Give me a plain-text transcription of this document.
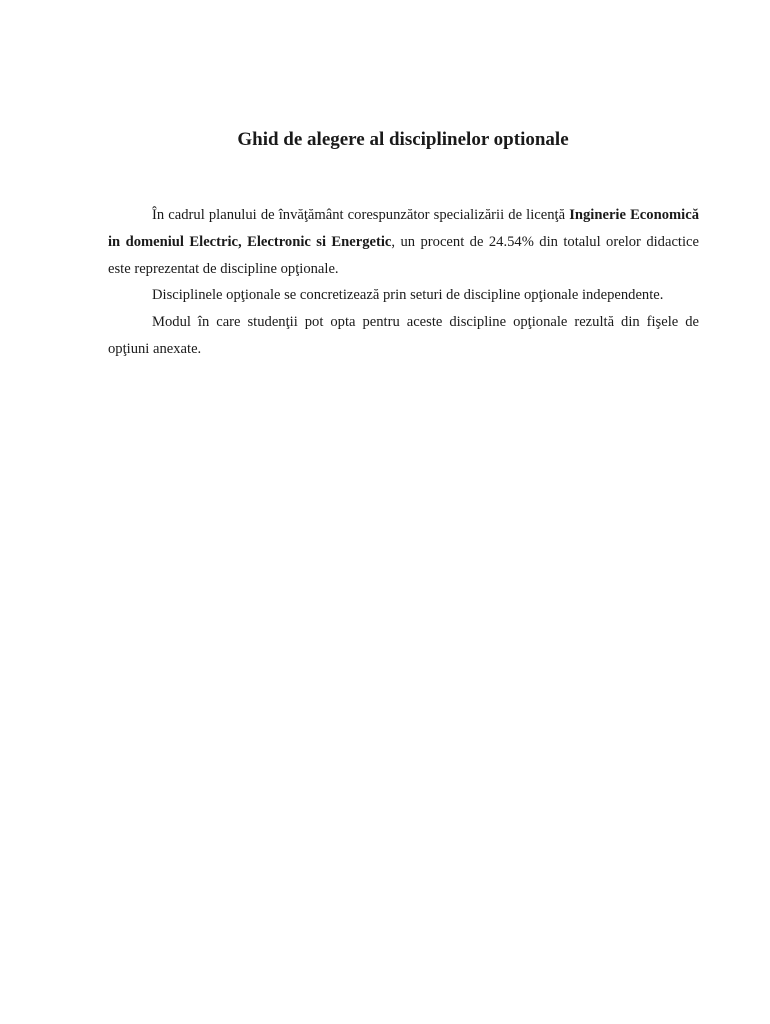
Ghid de alegere al disciplinelor optionale

În cadrul planului de învăţământ corespunzător specializării de licenţă Inginerie Economică in domeniul Electric, Electronic si Energetic, un procent de 24.54% din totalul orelor didactice este reprezentat de discipline opţionale.

Disciplinele opţionale se concretizează prin seturi de discipline opţionale independente.

Modul în care studenţii pot opta pentru aceste discipline opţionale rezultă din fişele de opţiuni anexate.
